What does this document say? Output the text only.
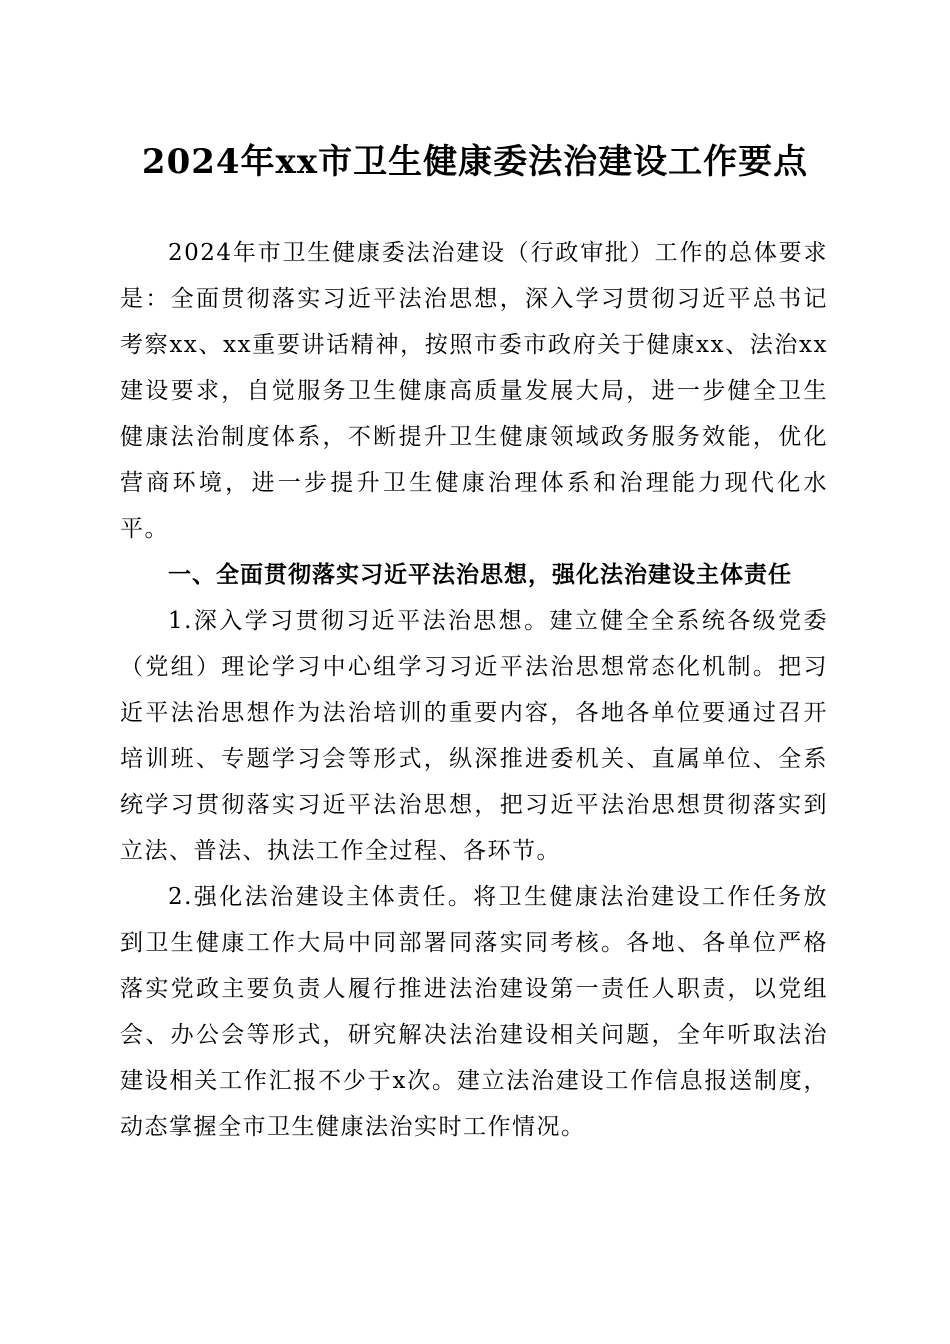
2024年xx市卫生健康委法治建设工作要点

2024年市卫生健康委法治建设（行政审批）工作的总体要求是：全面贯彻落实习近平法治思想，深入学习贯彻习近平总书记考察xx、xx重要讲话精神，按照市委市政府关于健康xx、法治xx建设要求，自觉服务卫生健康高质量发展大局，进一步健全卫生健康法治制度体系，不断提升卫生健康领域政务服务效能，优化营商环境，进一步提升卫生健康治理体系和治理能力现代化水平。

一、全面贯彻落实习近平法治思想，强化法治建设主体责任

1.深入学习贯彻习近平法治思想。建立健全全系统各级党委（党组）理论学习中心组学习习近平法治思想常态化机制。把习近平法治思想作为法治培训的重要内容，各地各单位要通过召开培训班、专题学习会等形式，纵深推进委机关、直属单位、全系统学习贯彻落实习近平法治思想，把习近平法治思想贯彻落实到立法、普法、执法工作全过程、各环节。

2.强化法治建设主体责任。将卫生健康法治建设工作任务放到卫生健康工作大局中同部署同落实同考核。各地、各单位严格落实党政主要负责人履行推进法治建设第一责任人职责，以党组会、办公会等形式，研究解决法治建设相关问题，全年听取法治建设相关工作汇报不少于x次。建立法治建设工作信息报送制度，动态掌握全市卫生健康法治实时工作情况。
